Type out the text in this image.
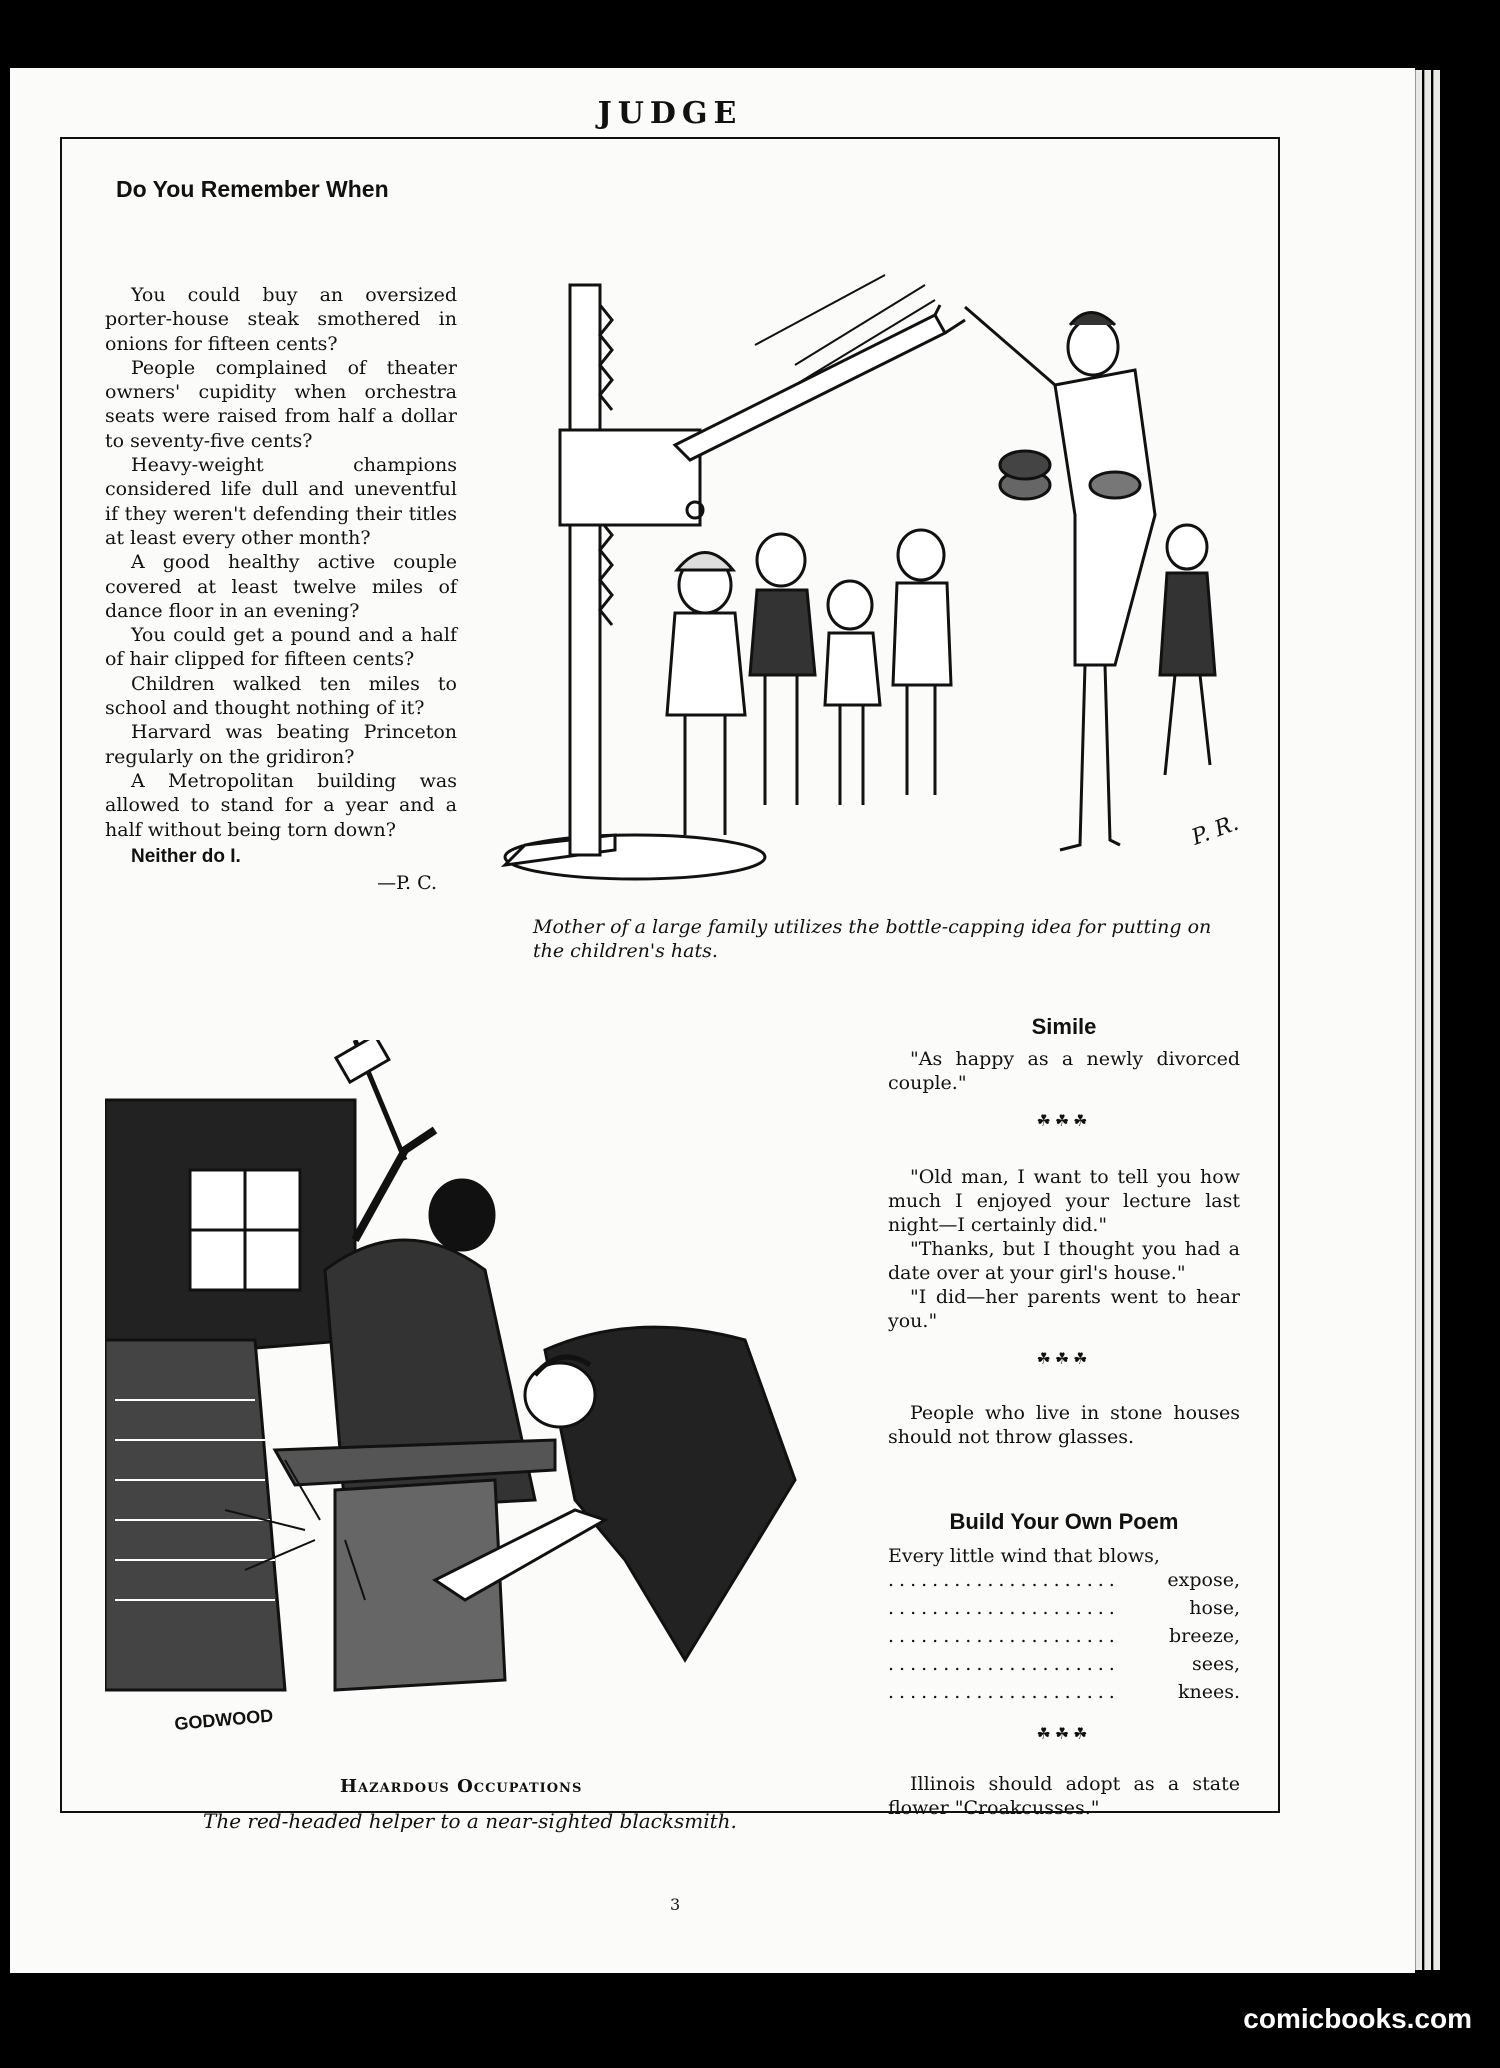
JUDGE
Do You Remember When

You could buy an oversized porter-house steak smothered in onions for fifteen cents?

People complained of theater owners' cupidity when orchestra seats were raised from half a dollar to seventy-five cents?

Heavy-weight champions considered life dull and uneventful if they weren't defending their titles at least every other month?

A good healthy active couple covered at least twelve miles of dance floor in an evening?

You could get a pound and a half of hair clipped for fifteen cents?

Children walked ten miles to school and thought nothing of it?

Harvard was beating Princeton regularly on the gridiron?

A Metropolitan building was allowed to stand for a year and a half without being torn down?

Neither do I.

—P. C.

P. R.
Mother of a large family utilizes the bottle-capping idea for putting on the children's hats.
GODWOOD
Hazardous Occupations
The red-headed helper to a near-sighted blacksmith.
Simile

"As happy as a newly divorced couple."

☘☘☘

"Old man, I want to tell you how much I enjoyed your lecture last night—I certainly did."

"Thanks, but I thought you had a date over at your girl's house."

"I did—her parents went to hear you."

☘☘☘

People who live in stone houses should not throw glasses.

Build Your Own Poem

Every little wind that blows,

.....................	expose,
.....................	hose,
.....................	breeze,
.....................	sees,
.....................	knees.
☘☘☘

Illinois should adopt as a state flower "Croakcusses."

3
comicbooks.com
